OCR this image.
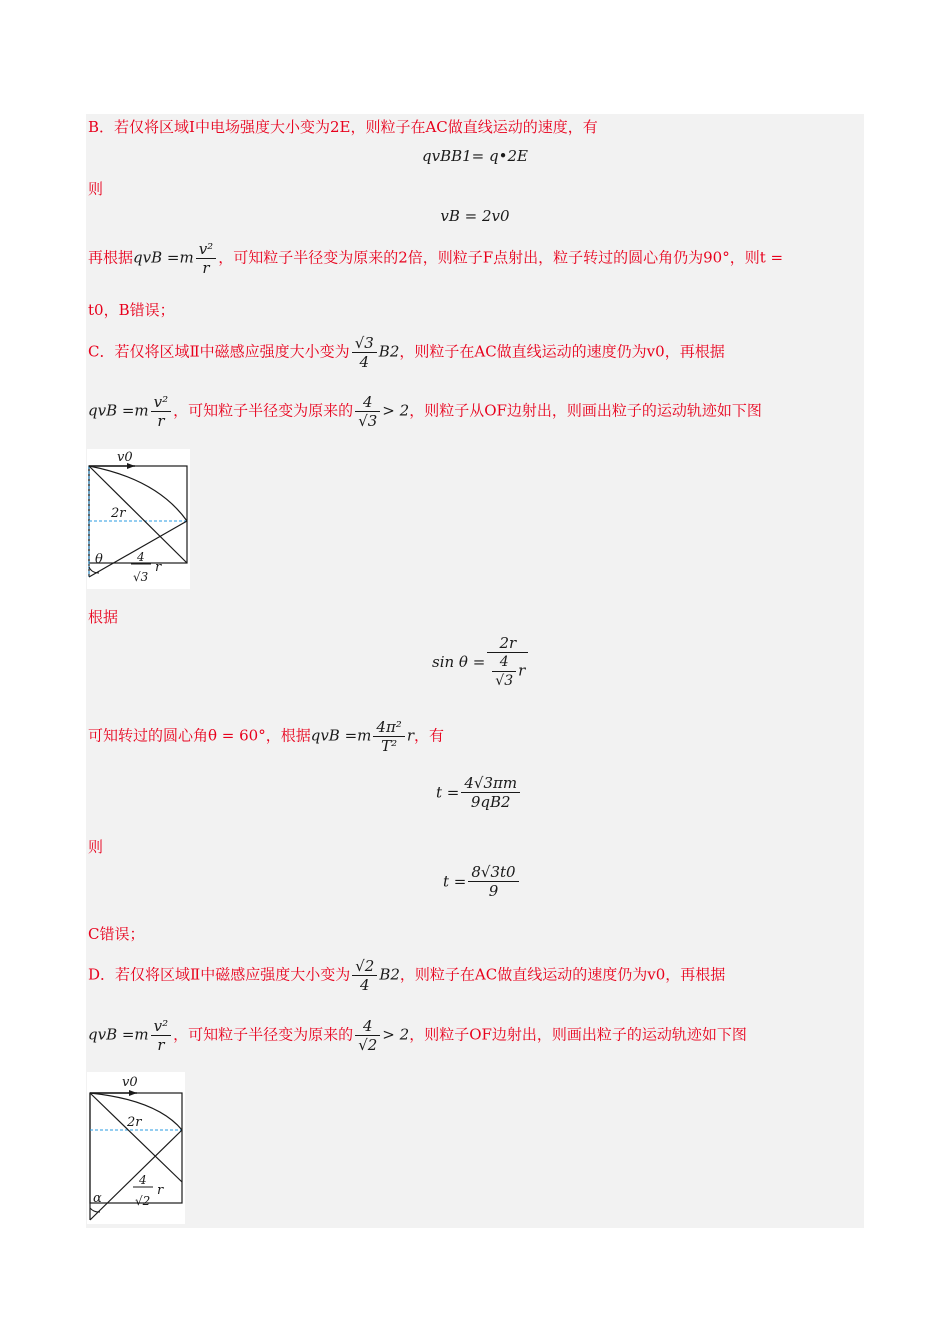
B．若仅将区域Ⅰ中电场强度大小变为2E，则粒子在AC做直线运动的速度，有
qvBB1= q•2E
则
vB = 2v0
再根据qvB $=m \frac{\text{v²}}{r}$ ，可知粒子半径变为原来的2倍，则粒子F点射出，粒子转过的圆心角仍为90°，则t =
t0，B错误；
C．若仅将区域Ⅱ中磁感应强度大小变为 $\frac{√3}{4} B2$，则粒子在AC做直线运动的速度仍为v0，再根据
qvB $=m \frac{\text{v²}}{r}$ ，可知粒子半径变为原来的 $\frac{4}{√3} > 2$，则粒子从OF边射出，则画出粒子的运动轨迹如下图
v0
2r
θ	4
√3
r
根据
$\sin \theta = \frac{2r}{\frac{4}{√3} r}$
可知转过的圆心角θ = 60°，根据qvB $=m \frac{\text{4π²}}{\text{T²}}$ r，有
$t = \frac{4√3\pi m}{9qB2}$
则
$t = \frac{8√3t0}{9}$
C错误；
D．若仅将区域Ⅱ中磁感应强度大小变为 $\frac{√2}{4} B2$，则粒子在AC做直线运动的速度仍为v0，再根据
qvB $=m \frac{\text{v²}}{r}$ ，可知粒子半径变为原来的 $\frac{4}{√2} > 2$，则粒子OF边射出，则画出粒子的运动轨迹如下图
v0
2r
α
4
√2
r
